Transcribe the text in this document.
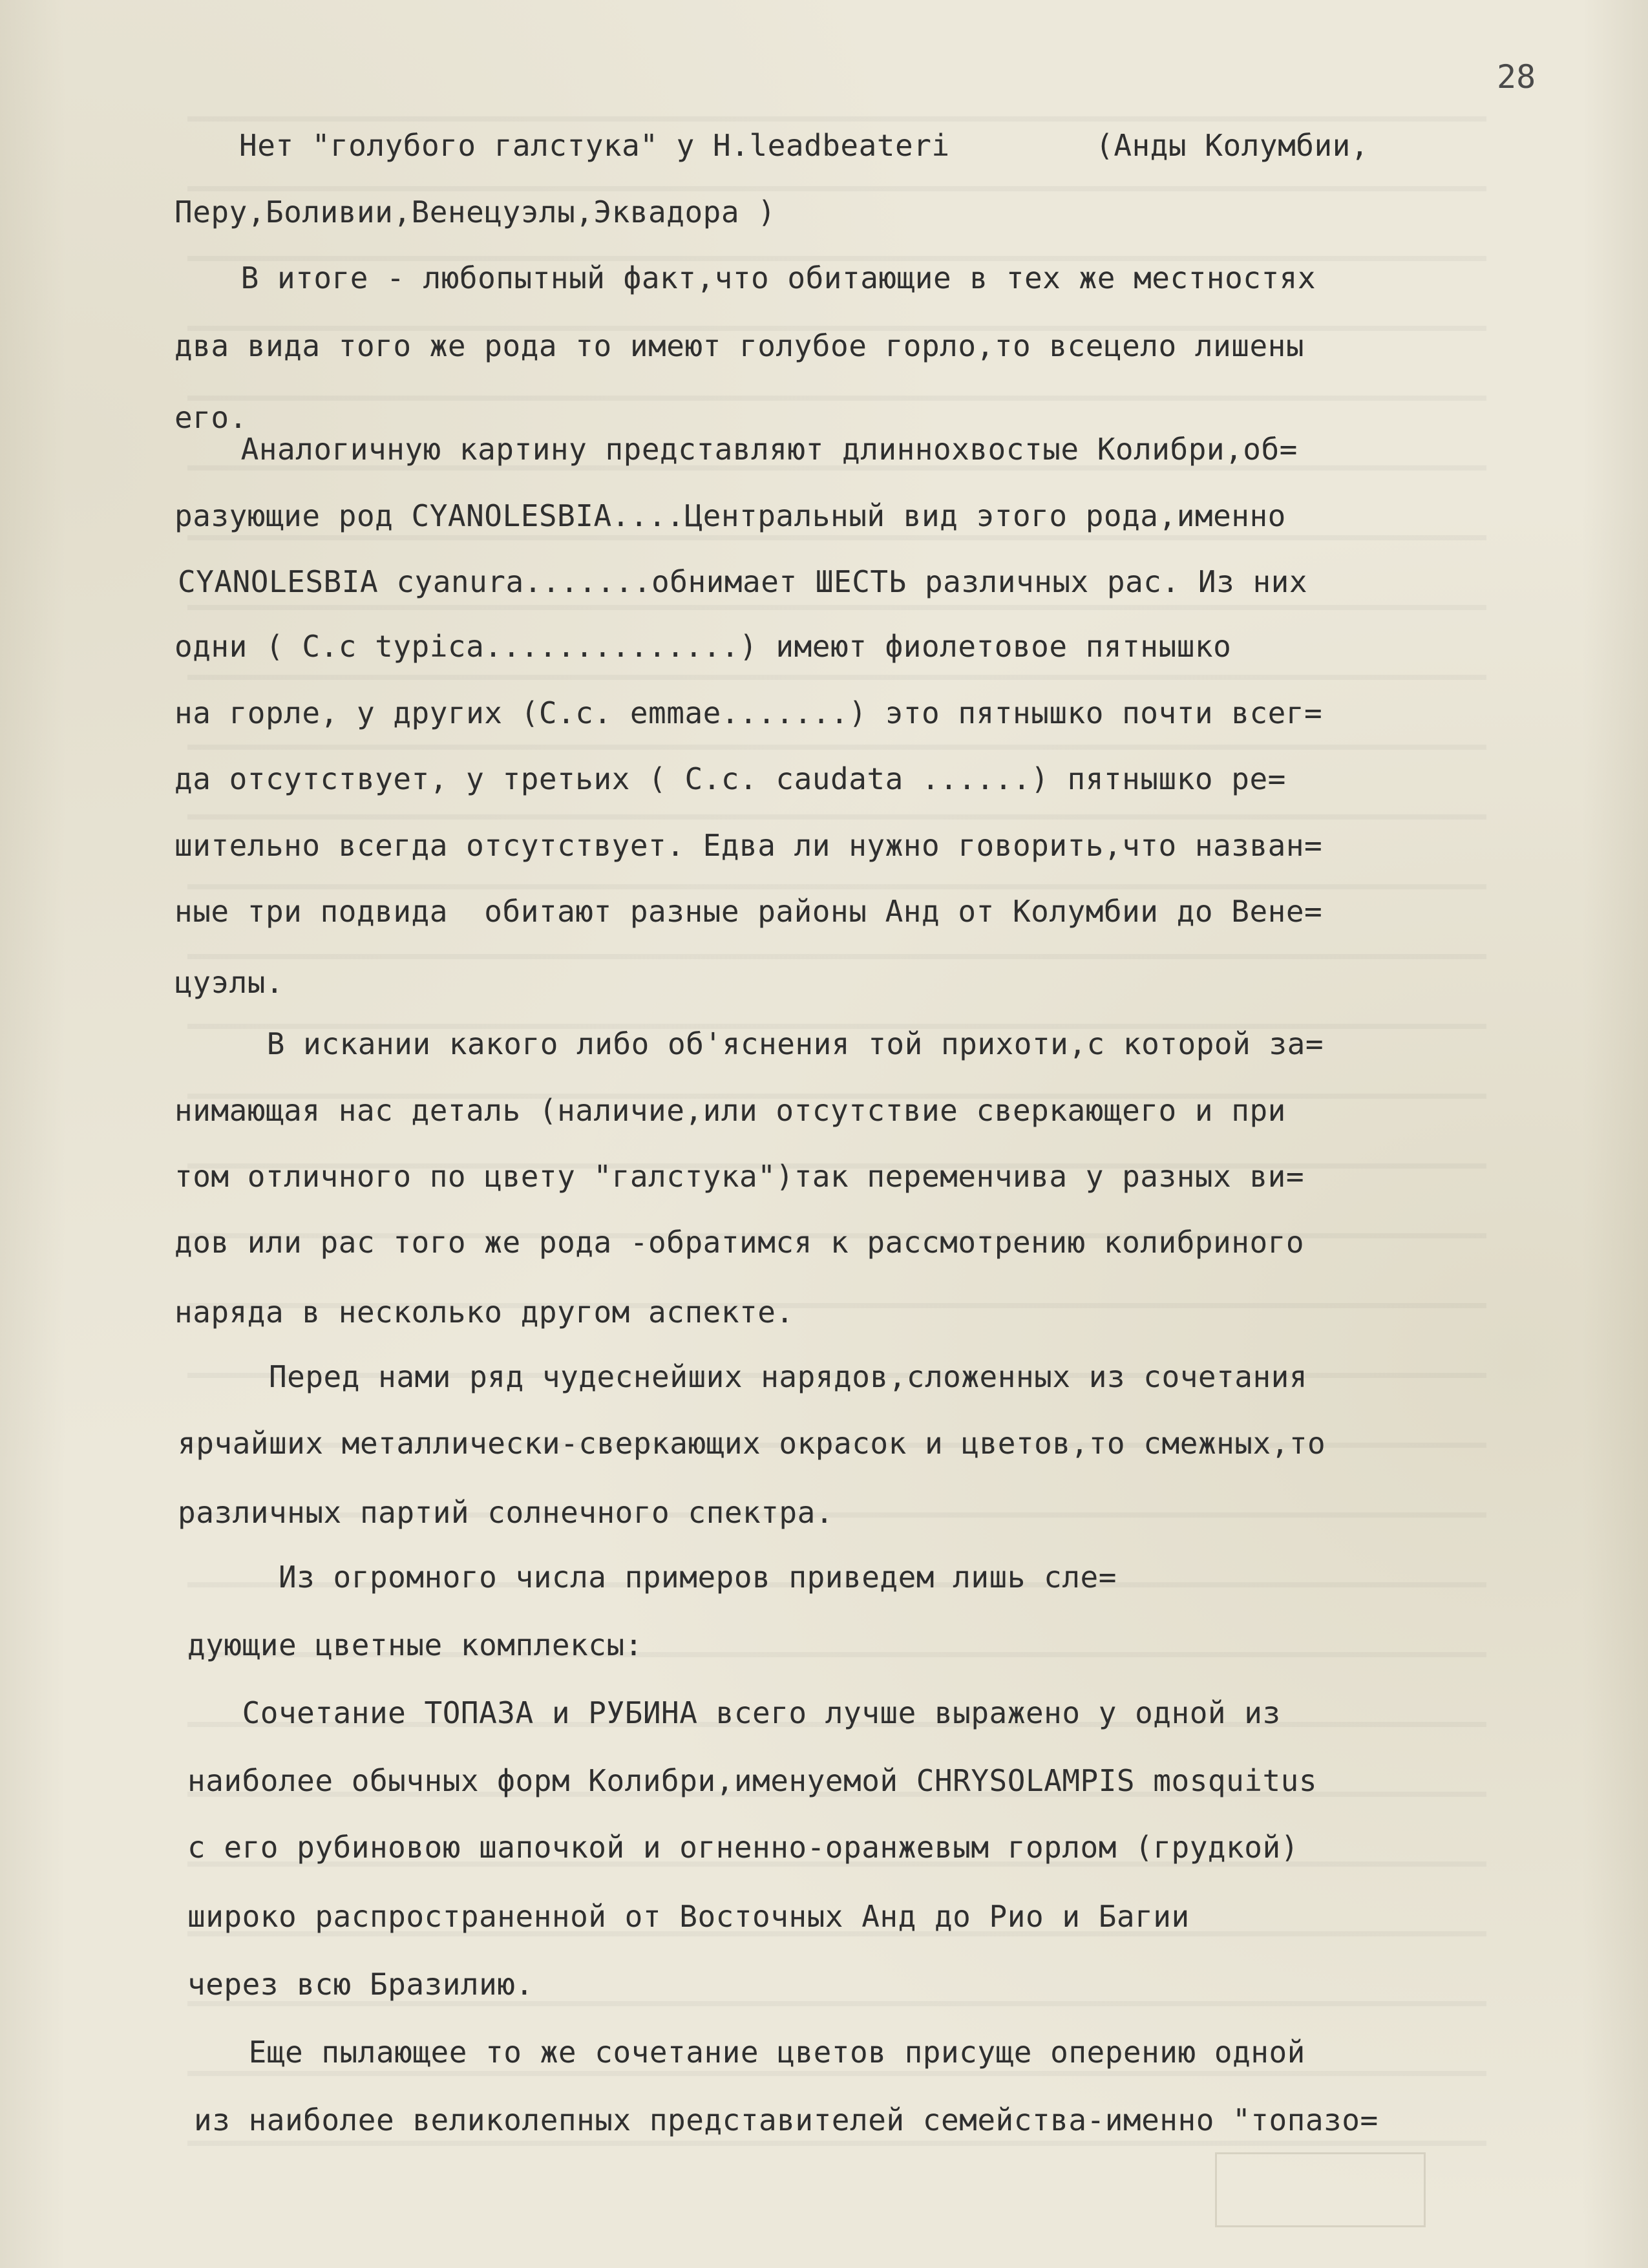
28
Нет "голубого галстука" у H.leadbeateri        (Анды Колумбии,
Перу,Боливии,Венецуэлы,Эквадора )
В итоге - любопытный факт,что обитающие в тех же местностях
два вида того же рода то имеют голубое горло,то всецело лишены
его.
Аналогичную картину представляют длиннохвостые Колибри,об=
разующие род CYANOLESBIA....Центральный вид этого рода,именно
CYANOLESBIA cyanura.......обнимает ШЕСТЬ различных рас. Из них
одни ( C.c typica..............) имеют фиолетовое пятнышко
на горле, у других (C.c. emmae.......) это пятнышко почти всег=
да отсутствует, у третьих ( C.c. caudata ......) пятнышко ре=
шительно всегда отсутствует. Едва ли нужно говорить,что назван=
ные три подвида  обитают разные районы Анд от Колумбии до Вене=
цуэлы.
В искании какого либо об'яснения той прихоти,с которой за=
нимающая нас деталь (наличие,или отсутствие сверкающего и при
том отличного по цвету "галстука")так переменчива у разных ви=
дов или рас того же рода -обратимся к рассмотрению колибриного
наряда в несколько другом аспекте.
Перед нами ряд чудеснейших нарядов,сложенных из сочетания
ярчайших металлически-сверкающих окрасок и цветов,то смежных,то
различных партий солнечного спектра.
Из огромного числа примеров приведем лишь сле=
дующие цветные комплексы:
Сочетание ТОПАЗА и РУБИНА всего лучше выражено у одной из
наиболее обычных форм Колибри,именуемой CHRYSOLAMPIS mosquitus
с его рубиновою шапочкой и огненно-оранжевым горлом (грудкой)
широко распространенной от Восточных Анд до Рио и Багии
через всю Бразилию.
Еще пылающее то же сочетание цветов присуще оперению одной
из наиболее великолепных представителей семейства-именно "топазо=
